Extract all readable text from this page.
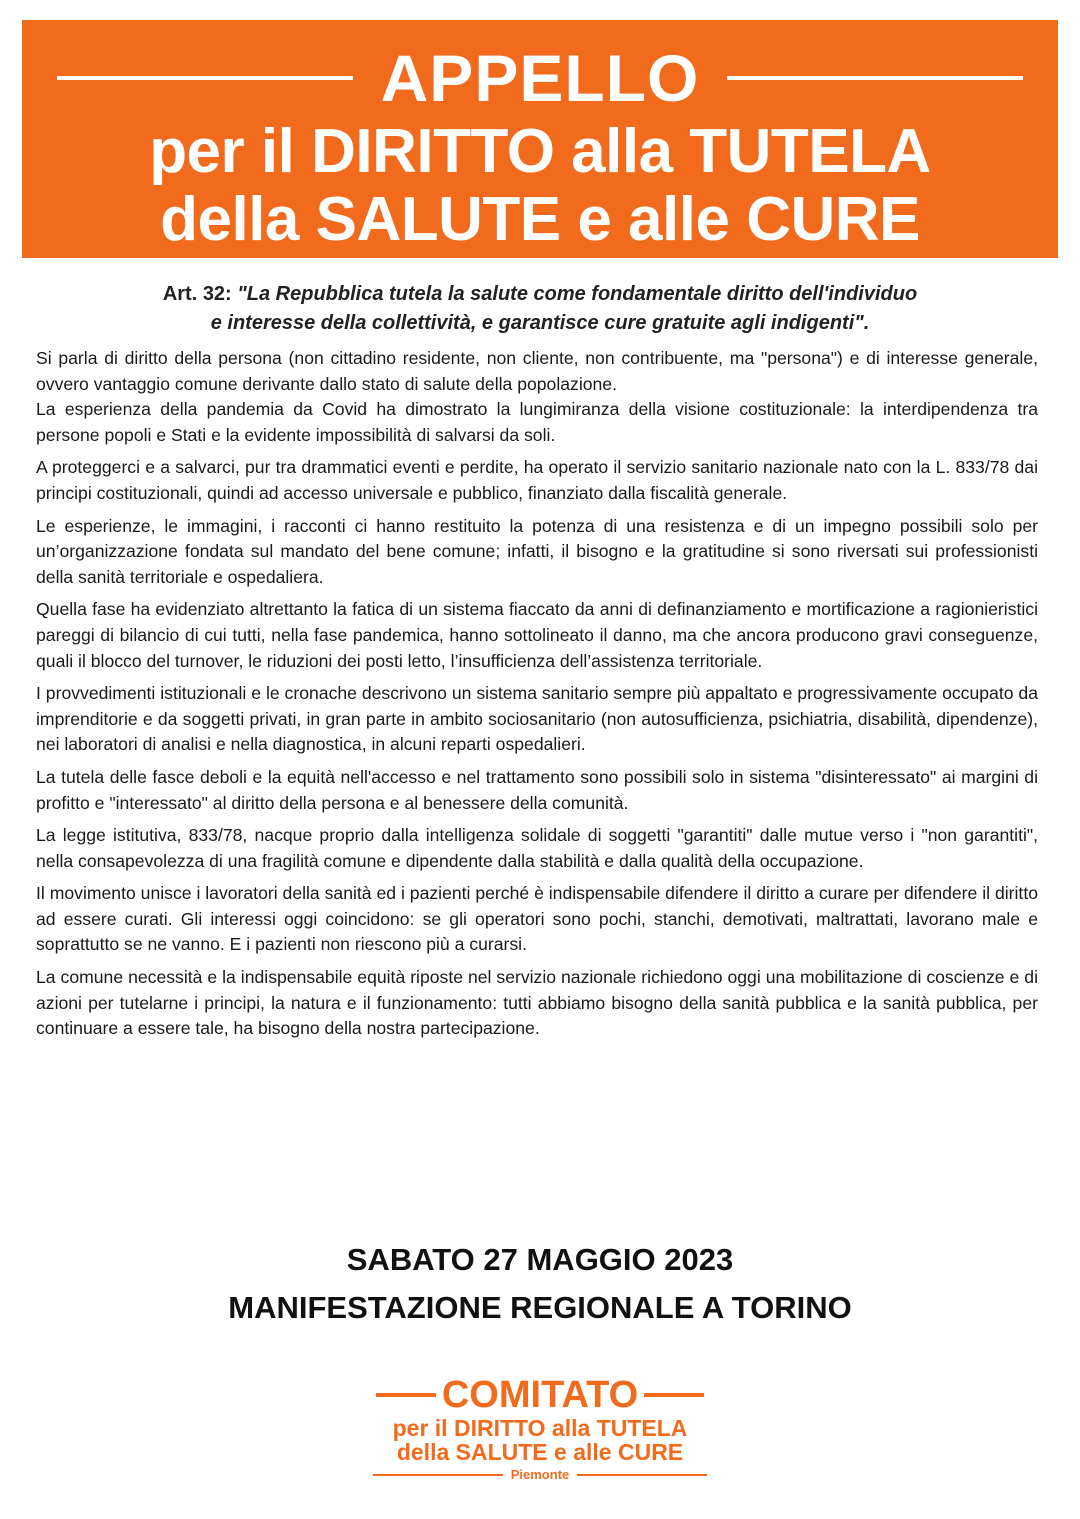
APPELLO
per il DIRITTO alla TUTELA
della SALUTE e alle CURE
Art. 32: "La Repubblica tutela la salute come fondamentale diritto dell'individuo
e interesse della collettività, e garantisce cure gratuite agli indigenti".

Si parla di diritto della persona (non cittadino residente, non cliente, non contribuente, ma "persona") e di interesse generale, ovvero vantaggio comune derivante dallo stato di salute della popolazione.

La esperienza della pandemia da Covid ha dimostrato la lungimiranza della visione costituzionale: la interdipendenza tra persone popoli e Stati e la evidente impossibilità di salvarsi da soli.

A proteggerci e a salvarci, pur tra drammatici eventi e perdite, ha operato il servizio sanitario nazionale nato con la L. 833/78 dai principi costituzionali, quindi ad accesso universale e pubblico, finanziato dalla fiscalità generale.

Le esperienze, le immagini, i racconti ci hanno restituito la potenza di una resistenza e di un impegno possibili solo per un’organizzazione fondata sul mandato del bene comune; infatti, il bisogno e la gratitudine si sono riversati sui professionisti della sanità territoriale e ospedaliera.

Quella fase ha evidenziato altrettanto la fatica di un sistema fiaccato da anni di definanziamento e mortificazione a ragionieristici pareggi di bilancio di cui tutti, nella fase pandemica, hanno sottolineato il danno, ma che ancora producono gravi conseguenze, quali il blocco del turnover, le riduzioni dei posti letto, l’insufficienza dell’assistenza territoriale.

I provvedimenti istituzionali e le cronache descrivono un sistema sanitario sempre più appaltato e progressivamente occupato da imprenditorie e da soggetti privati, in gran parte in ambito sociosanitario (non autosufficienza, psichiatria, disabilità, dipendenze), nei laboratori di analisi e nella diagnostica, in alcuni reparti ospedalieri.

La tutela delle fasce deboli e la equità nell'accesso e nel trattamento sono possibili solo in sistema "disinteressato" ai margini di profitto e "interessato" al diritto della persona e al benessere della comunità.

La legge istitutiva, 833/78, nacque proprio dalla intelligenza solidale di soggetti "garantiti" dalle mutue verso i "non garantiti", nella consapevolezza di una fragilità comune e dipendente dalla stabilità e dalla qualità della occupazione.

Il movimento unisce i lavoratori della sanità ed i pazienti perché è indispensabile difendere il diritto a curare per difendere il diritto ad essere curati. Gli interessi oggi coincidono: se gli operatori sono pochi, stanchi, demotivati, maltrattati, lavorano male e soprattutto se ne vanno. E i pazienti non riescono più a curarsi.

La comune necessità e la indispensabile equità riposte nel servizio nazionale richiedono oggi una mobilitazione di coscienze e di azioni per tutelarne i principi, la natura e il funzionamento: tutti abbiamo bisogno della sanità pubblica e la sanità pubblica, per continuare a essere tale, ha bisogno della nostra partecipazione.

SABATO 27 MAGGIO 2023
MANIFESTAZIONE REGIONALE A TORINO
COMITATO
per il DIRITTO alla TUTELA
della SALUTE e alle CURE
Piemonte
